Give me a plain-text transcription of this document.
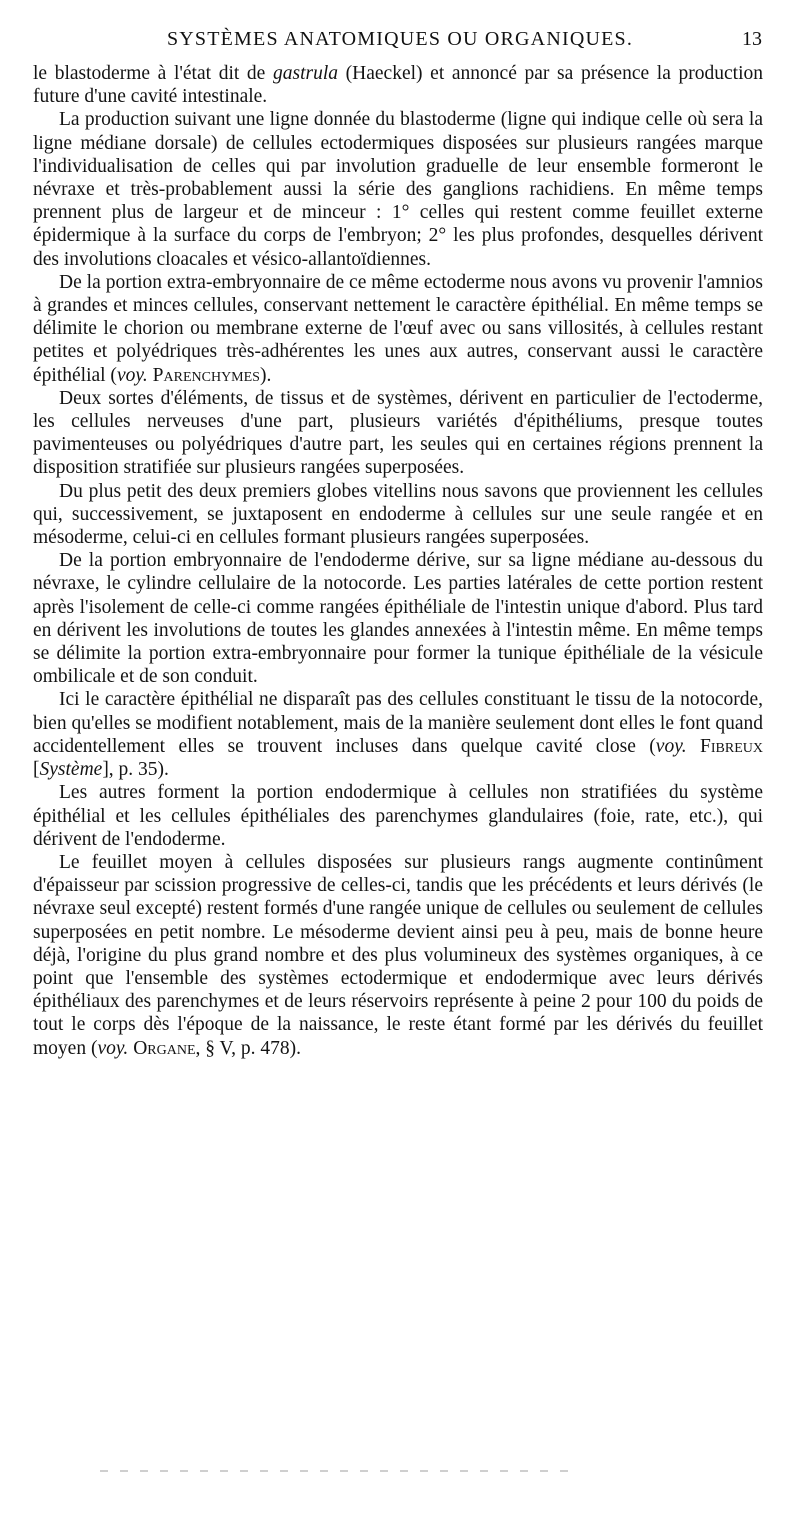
SYSTÈMES ANATOMIQUES OU ORGANIQUES.	13

le blastoderme à l'état dit de gastrula (Haeckel) et annoncé par sa présence la production future d'une cavité intestinale.

La production suivant une ligne donnée du blastoderme (ligne qui indique celle où sera la ligne médiane dorsale) de cellules ectodermiques disposées sur plusieurs rangées marque l'individualisation de celles qui par involution graduelle de leur ensemble formeront le névraxe et très-probablement aussi la série des ganglions rachidiens. En même temps prennent plus de largeur et de minceur : 1° celles qui restent comme feuillet externe épidermique à la surface du corps de l'embryon; 2° les plus profondes, desquelles dérivent des involutions cloacales et vésico-allantoïdiennes.

De la portion extra-embryonnaire de ce même ectoderme nous avons vu provenir l'amnios à grandes et minces cellules, conservant nettement le caractère épithélial. En même temps se délimite le chorion ou membrane externe de l'œuf avec ou sans villosités, à cellules restant petites et polyédriques très-adhérentes les unes aux autres, conservant aussi le caractère épithélial (voy. Parenchymes).

Deux sortes d'éléments, de tissus et de systèmes, dérivent en particulier de l'ectoderme, les cellules nerveuses d'une part, plusieurs variétés d'épithéliums, presque toutes pavimenteuses ou polyédriques d'autre part, les seules qui en certaines régions prennent la disposition stratifiée sur plusieurs rangées superposées.

Du plus petit des deux premiers globes vitellins nous savons que proviennent les cellules qui, successivement, se juxtaposent en endoderme à cellules sur une seule rangée et en mésoderme, celui-ci en cellules formant plusieurs rangées superposées.

De la portion embryonnaire de l'endoderme dérive, sur sa ligne médiane au-dessous du névraxe, le cylindre cellulaire de la notocorde. Les parties latérales de cette portion restent après l'isolement de celle-ci comme rangées épithéliale de l'intestin unique d'abord. Plus tard en dérivent les involutions de toutes les glandes annexées à l'intestin même. En même temps se délimite la portion extra-embryonnaire pour former la tunique épithéliale de la vésicule ombilicale et de son conduit.

Ici le caractère épithélial ne disparaît pas des cellules constituant le tissu de la notocorde, bien qu'elles se modifient notablement, mais de la manière seulement dont elles le font quand accidentellement elles se trouvent incluses dans quelque cavité close (voy. Fibreux [Système], p. 35).

Les autres forment la portion endodermique à cellules non stratifiées du système épithélial et les cellules épithéliales des parenchymes glandulaires (foie, rate, etc.), qui dérivent de l'endoderme.

Le feuillet moyen à cellules disposées sur plusieurs rangs augmente continûment d'épaisseur par scission progressive de celles-ci, tandis que les précédents et leurs dérivés (le névraxe seul excepté) restent formés d'une rangée unique de cellules ou seulement de cellules superposées en petit nombre. Le mésoderme devient ainsi peu à peu, mais de bonne heure déjà, l'origine du plus grand nombre et des plus volumineux des systèmes organiques, à ce point que l'ensemble des systèmes ectodermique et endodermique avec leurs dérivés épithéliaux des parenchymes et de leurs réservoirs représente à peine 2 pour 100 du poids de tout le corps dès l'époque de la naissance, le reste étant formé par les dérivés du feuillet moyen (voy. Organe, § V, p. 478).
